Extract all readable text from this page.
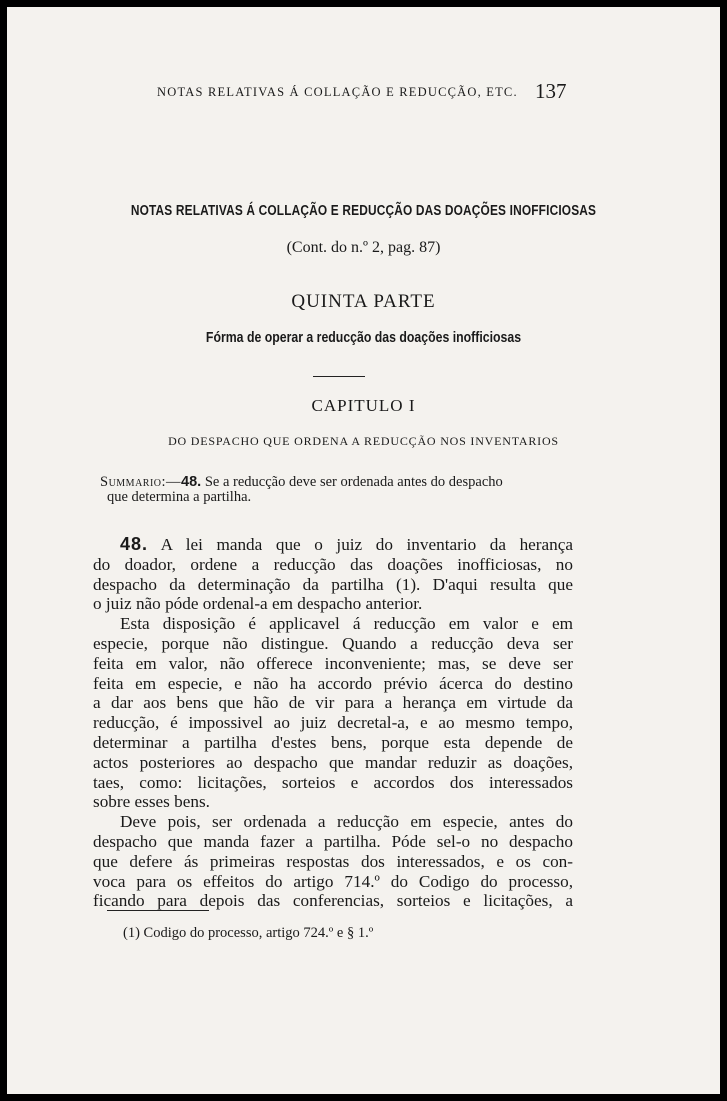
NOTAS RELATIVAS Á COLLAÇÃO E REDUCÇÃO, ETC. 137
NOTAS RELATIVAS Á COLLAÇÃO E REDUCÇÃO DAS DOAÇÕES INOFFICIOSAS
(Cont. do n.º 2, pag. 87)
QUINTA PARTE
Fórma de operar a reducção das doações inofficiosas
CAPITULO I
DO DESPACHO QUE ORDENA A REDUCÇÃO NOS INVENTARIOS
Summario:—48. Se a reducção deve ser ordenada antes do despacho
que determina a partilha.

48. A lei manda que o juiz do inventario da herança

do doador, ordene a reducção das doações inofficiosas, no

despacho da determinação da partilha (1). D'aqui resulta que

o juiz não póde ordenal-a em despacho anterior.

Esta disposição é applicavel á reducção em valor e em

especie, porque não distingue. Quando a reducção deva ser

feita em valor, não offerece inconveniente; mas, se deve ser

feita em especie, e não ha accordo prévio ácerca do destino

a dar aos bens que hão de vir para a herança em virtude da

reducção, é impossivel ao juiz decretal-a, e ao mesmo tempo,

determinar a partilha d'estes bens, porque esta depende de

actos posteriores ao despacho que mandar reduzir as doações,

taes, como: licitações, sorteios e accordos dos interessados

sobre esses bens.

Deve pois, ser ordenada a reducção em especie, antes do

despacho que manda fazer a partilha. Póde sel-o no despacho

que defere ás primeiras respostas dos interessados, e os con-

voca para os effeitos do artigo 714.º do Codigo do processo,

ficando para depois das conferencias, sorteios e licitações, a

(1) Codigo do processo, artigo 724.º e § 1.º
